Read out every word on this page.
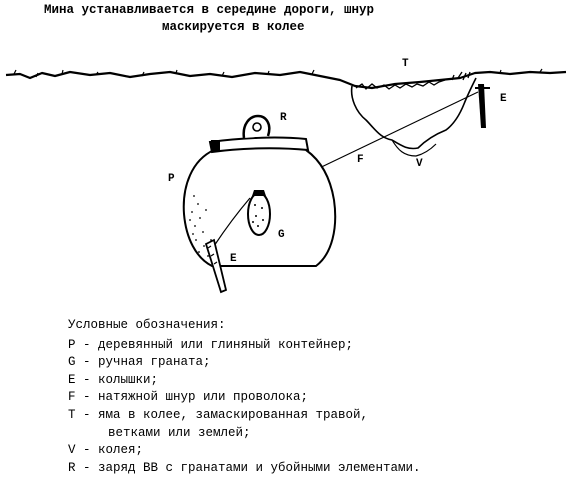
Мина устанавливается в середине дороги, шнур
маскируется в колее
T
E
R
P
F	V
G
E
Условные обозначения:
P - деревянный или глиняный контейнер;
G - ручная граната;
E - колышки;
F - натяжной шнур или проволока;
T - яма в колее, замаскированная травой,
ветками или землей;
V - колея;
R - заряд ВВ с гранатами и убойными элементами.
